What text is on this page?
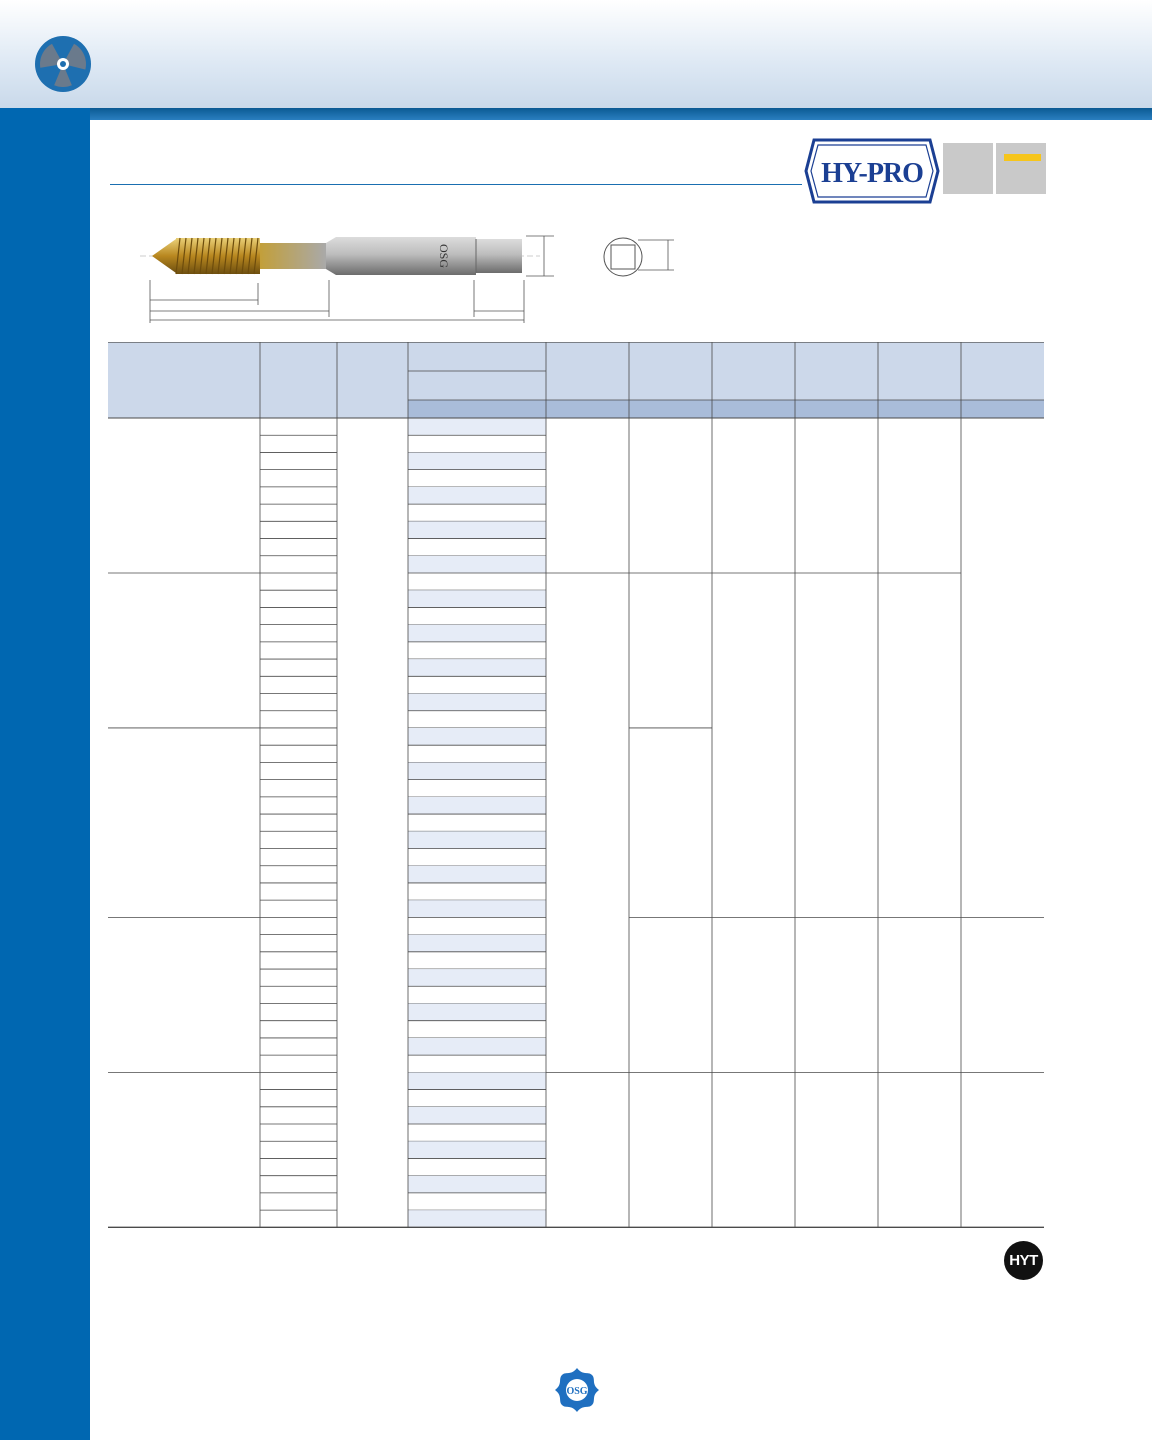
HY-PRO
OSG
HYT
OSG
